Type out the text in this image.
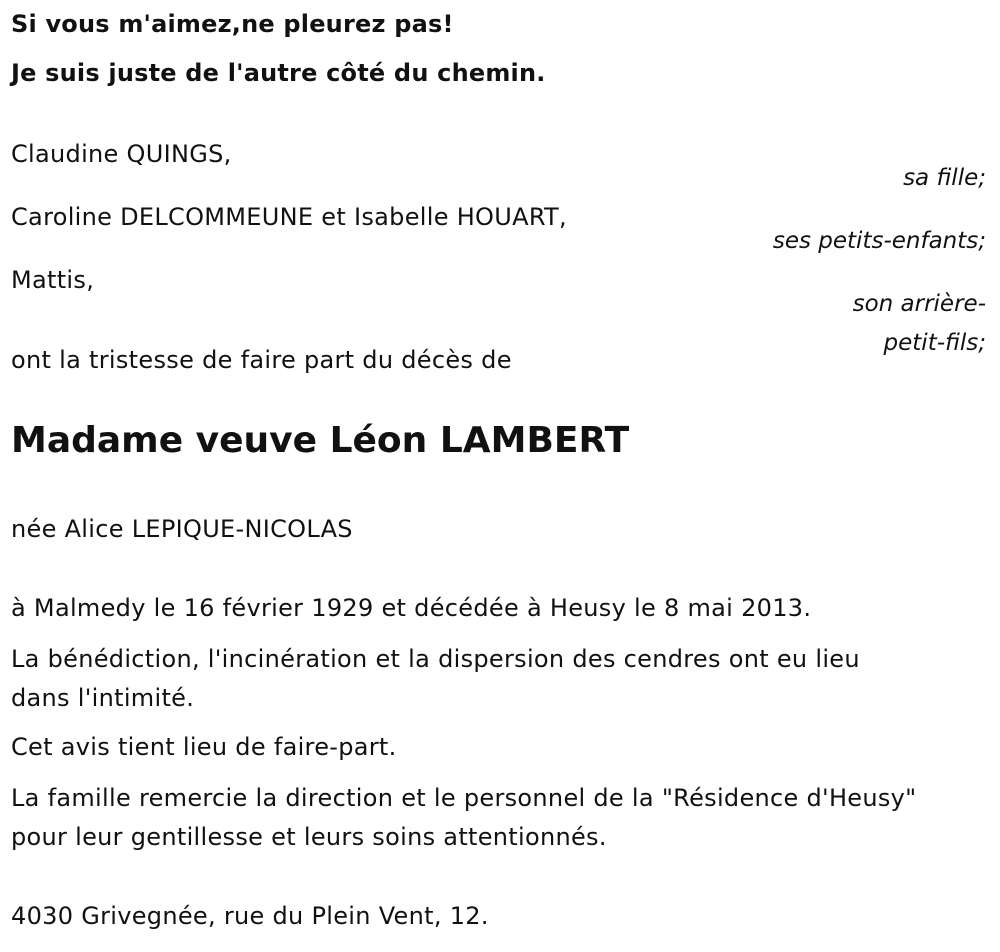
Si vous m'aimez,ne pleurez pas!
Je suis juste de l'autre côté du chemin.
Claudine QUINGS,
sa fille;
Caroline DELCOMMEUNE et Isabelle HOUART,
ses petits-enfants;
Mattis,
son arrière-
petit-fils;
ont la tristesse de faire part du décès de
Madame veuve Léon LAMBERT
née Alice LEPIQUE-NICOLAS
à Malmedy le 16 février 1929 et décédée à Heusy le 8 mai 2013.
La bénédiction, l'incinération et la dispersion des cendres ont eu lieu
dans l'intimité.
Cet avis tient lieu de faire-part.
La famille remercie la direction et le personnel de la "Résidence d'Heusy"
pour leur gentillesse et leurs soins attentionnés.
4030 Grivegnée, rue du Plein Vent, 12.
